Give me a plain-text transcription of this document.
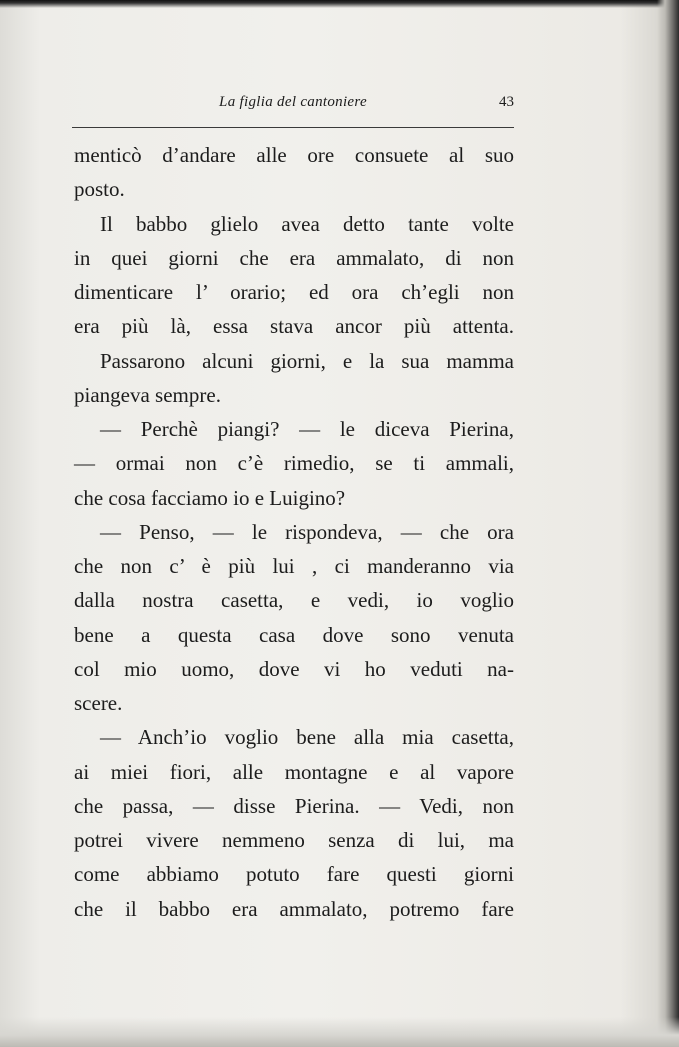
La figlia del cantoniere	43
menticò d’andare alle ore consuete al suo
posto.
Il babbo glielo avea detto tante volte
in quei giorni che era ammalato, di non
dimenticare l’ orario; ed ora ch’egli non
era più là, essa stava ancor più attenta.
Passarono alcuni giorni, e la sua mamma
piangeva sempre.
— Perchè piangi? — le diceva Pierina,
— ormai non c’è rimedio, se ti ammali,
che cosa facciamo io e Luigino?
— Penso, — le rispondeva, — che ora
che non c’ è più lui , ci manderanno via
dalla nostra casetta, e vedi, io voglio
bene a questa casa dove sono venuta
col mio uomo, dove vi ho veduti na-
scere.
— Anch’io voglio bene alla mia casetta,
ai miei fiori, alle montagne e al vapore
che passa, — disse Pierina. — Vedi, non
potrei vivere nemmeno senza di lui, ma
come abbiamo potuto fare questi giorni
che il babbo era ammalato, potremo fare
